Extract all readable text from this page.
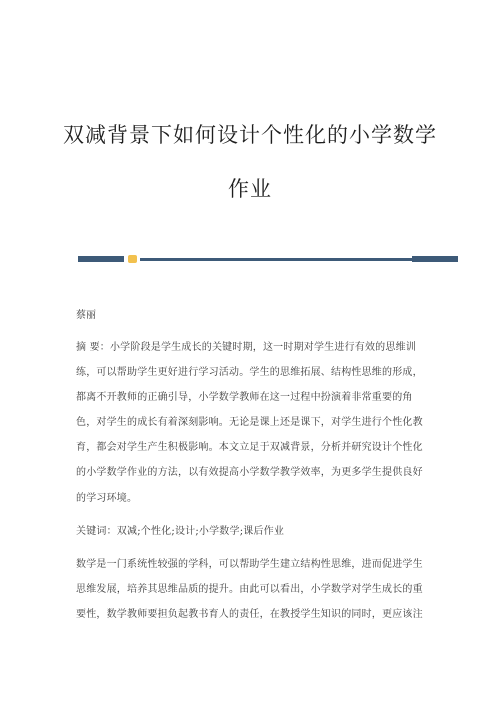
双减背景下如何设计个性化的小学数学
作业
蔡丽
摘 要：小学阶段是学生成长的关键时期，这一时期对学生进行有效的思维训
练，可以帮助学生更好进行学习活动。学生的思维拓展、结构性思维的形成，
都离不开教师的正确引导，小学数学教师在这一过程中扮演着非常重要的角
色，对学生的成长有着深刻影响。无论是课上还是课下，对学生进行个性化教
育，都会对学生产生积极影响。本文立足于双减背景，分析并研究设计个性化
的小学数学作业的方法，以有效提高小学数学教学效率，为更多学生提供良好
的学习环境。
关键词：双减;个性化;设计;小学数学;课后作业
数学是一门系统性较强的学科，可以帮助学生建立结构性思维，进而促进学生
思维发展，培养其思维品质的提升。由此可以看出，小学数学对学生成长的重
要性，数学教师要担负起教书育人的责任，在教授学生知识的同时，更应该注
